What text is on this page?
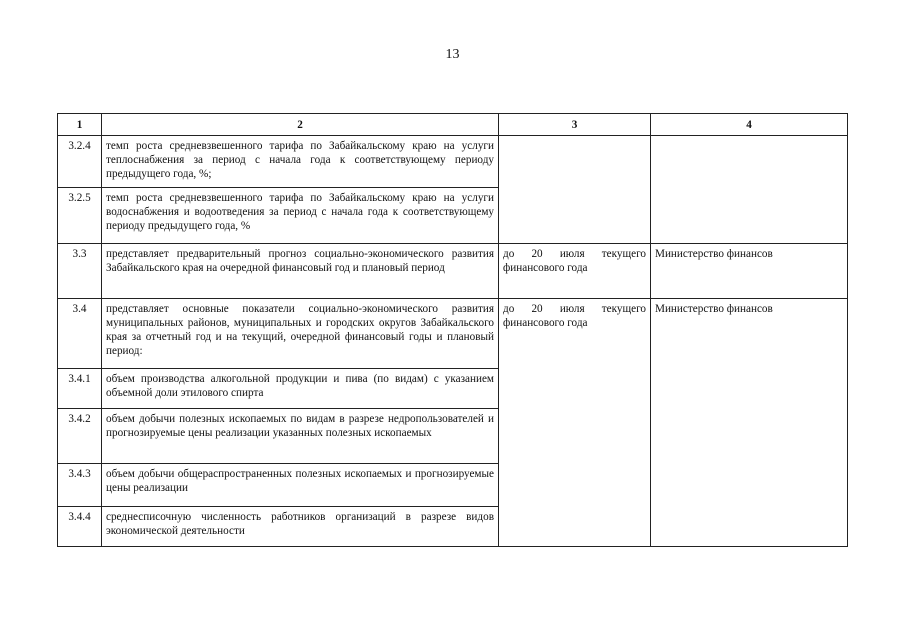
13
1	2	3	4
3.2.4	темп роста средневзвешенного тарифа по Забайкальскому краю на услуги теплоснабжения за период с начала года к соответствующему периоду предыдущего года, %;		
3.2.5	темп роста средневзвешенного тарифа по Забайкальскому краю на услуги водоснабжения и водоотведения за период с начала года к соответствующему периоду предыдущего года, %		
3.3	представляет предварительный прогноз социально-экономического развития Забайкальского края на очередной финансовый год и плановый период	до 20 июля текущего финансового года	Министерство финансов
3.4	представляет основные показатели социально-экономического развития муниципальных районов, муниципальных и городских округов Забайкальского края за отчетный год и на текущий, очередной финансовый годы и плановый период:	до 20 июля текущего финансового года	Министерство финансов
3.4.1	объем производства алкогольной продукции и пива (по видам) с указанием объемной доли этилового спирта		
3.4.2	объем добычи полезных ископаемых по видам в разрезе недропользователей и прогнозируемые цены реализации указанных полезных ископаемых		
3.4.3	объем добычи общераспространенных полезных ископаемых и прогнозируемые цены реализации		
3.4.4	среднесписочную численность работников организаций в разрезе видов экономической деятельности		
